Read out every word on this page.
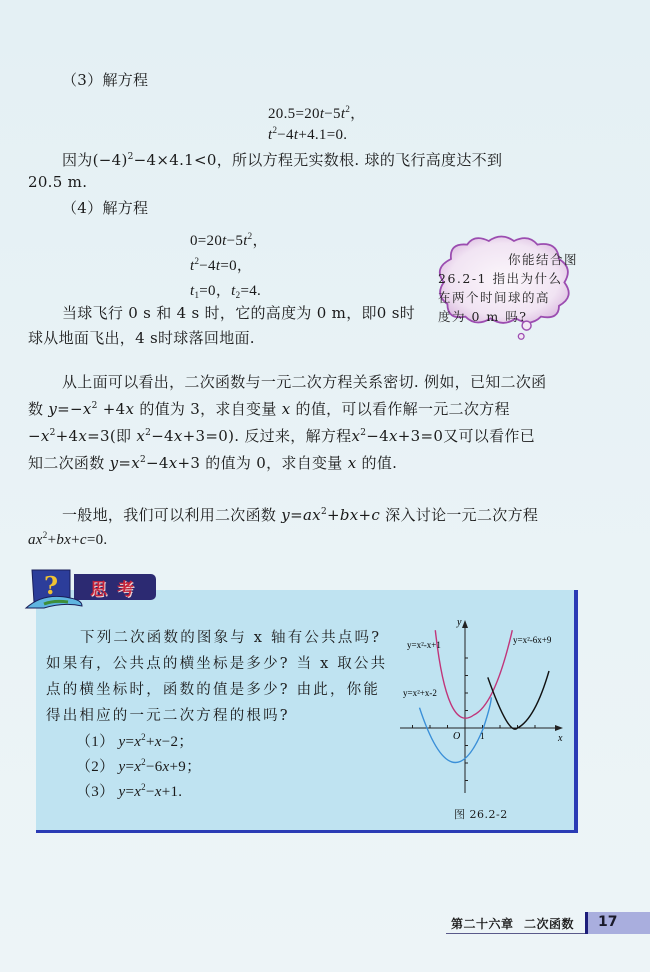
（3）解方程
$20.5=20t-5t^2$，
$t^2-4t+4.1=0$.
因为$(-4)^2-4\times 4.1<0$，所以方程无实数根. 球的飞行高度达不到
20.5 m.
（4）解方程
$0=20t-5t^2$，
$t^2-4t=0$，
$t_1=0$，$t_2=4$.
当球飞行 0 s 和 4 s 时，它的高度为 0 m，即0 s时
球从地面飞出，4 s时球落回地面.
你能结合图
26.2-1 指出为什么
在两个时间球的高
度为 0 m 吗?
从上面可以看出，二次函数与一元二次方程关系密切. 例如，已知二次函
数 $y=-x^2 +4x$ 的值为 3，求自变量 x 的值，可以看作解一元二次方程
$-x^2+4x=3$(即 $x^2-4x+3=0$). 反过来，解方程$x^2-4x+3=0$又可以看作已
知二次函数 $y=x^2-4x+3$ 的值为 0，求自变量 x 的值.
一般地，我们可以利用二次函数 $y=ax^2+bx+c$ 深入讨论一元二次方程
$ax^2+bx+c=0$.
? 思考
下列二次函数的图象与 x 轴有公共点吗?
如果有，公共点的横坐标是多少? 当 x 取公共
点的横坐标时，函数的值是多少? 由此，你能
得出相应的一元二次方程的根吗?
（1） $y=x^2+x-2$；
（2） $y=x^2-6x+9$；
（3） $y=x^2-x+1$.
y
x
O 1
y=x²-x+1	y=x²-6x+9
y=x²+x-2
图 26.2-2
第二十六章 二次函数 17
